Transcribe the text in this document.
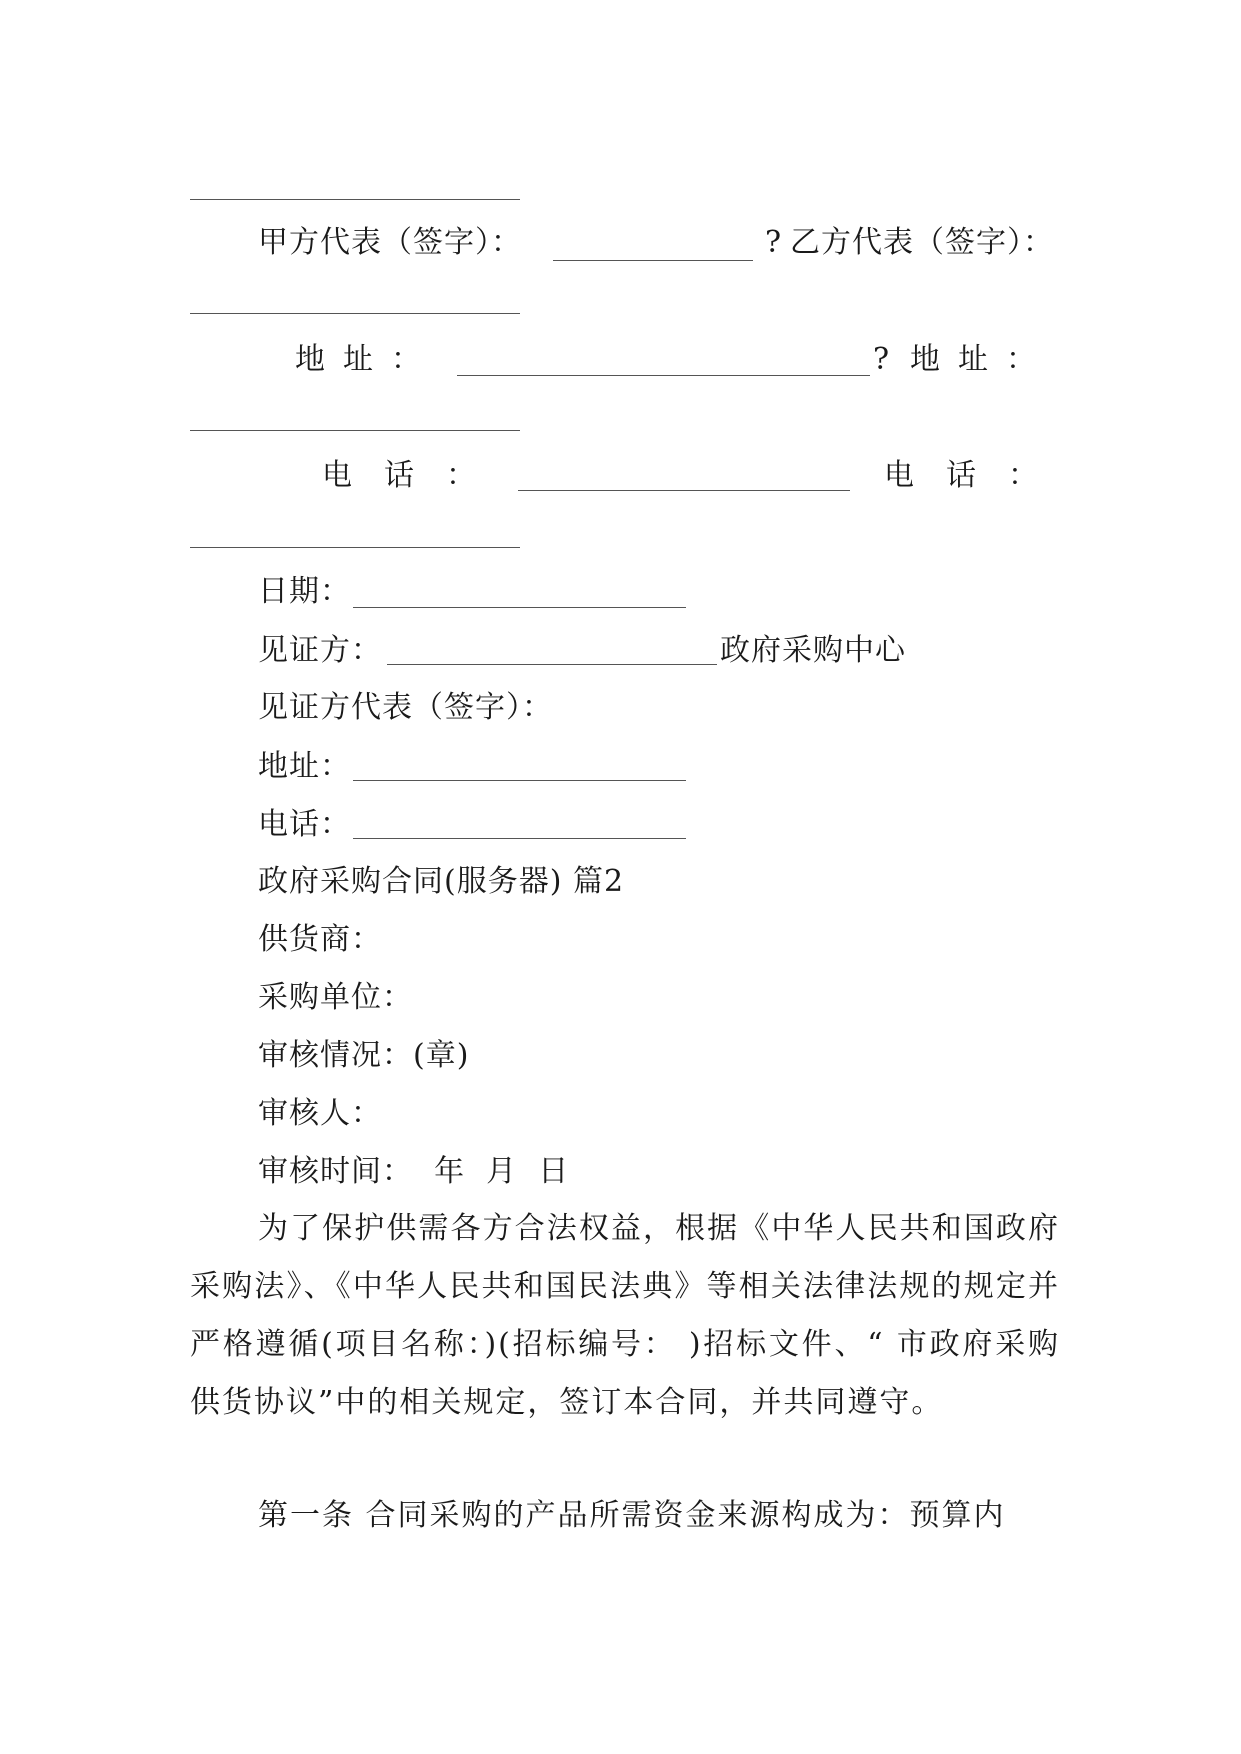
甲方代表（签字）：	? 乙方代表（签字）：
地址：	? 地址：
电话：	电话：
日期：
见证方：	政府采购中心
见证方代表（签字）：
地址：
电话：
政府采购合同(服务器) 篇2
供货商：
采购单位：
审核情况：(章)
审核人：
审核时间：  年  月  日

为了保护供需各方合法权益，根据《中华人民共和国政府采购法》、《中华人民共和国民法典》等相关法律法规的规定并严格遵循(项目名称：)(招标编号： )招标文件、“ 市政府采购供货协议”中的相关规定，签订本合同，并共同遵守。

第一条 合同采购的产品所需资金来源构成为：预算内
